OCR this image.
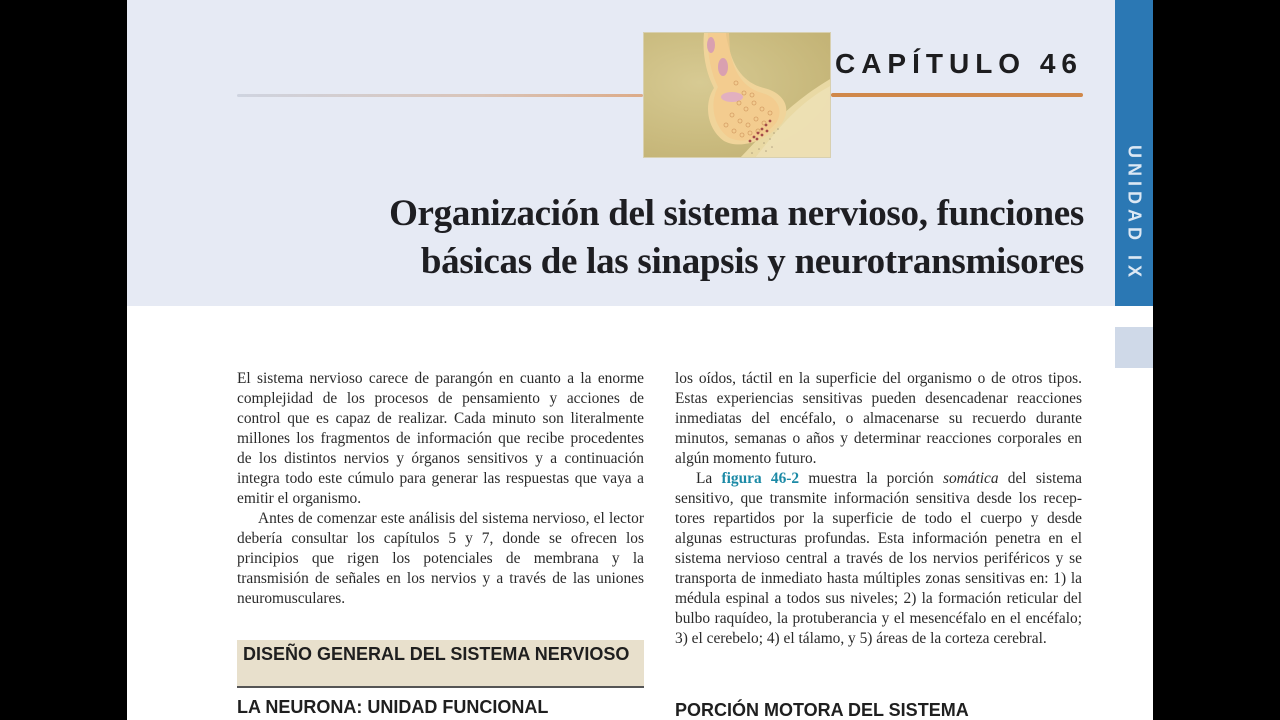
CAPÍTULO 46
Organización del sistema nervioso, funciones
básicas de las sinapsis y neurotransmisores	UNIDAD IX

El sistema nervioso carece de parangón en cuanto a la enorme complejidad de los procesos de pensamiento y acciones de control que es capaz de realizar. Cada minuto son literalmente millones los fragmentos de información que recibe procedentes de los distintos nervios y órganos sensitivos y a continuación integra todo este cúmulo para generar las respuestas que vaya a emitir el organismo.

Antes de comenzar este análisis del sistema nervioso, el lector debería consultar los capítulos 5 y 7, donde se ofrecen los principios que rigen los potenciales de membrana y la transmisión de señales en los nervios y a través de las uniones neuromusculares.

DISEÑO GENERAL DEL SISTEMA NERVIOSO
LA NEURONA: UNIDAD FUNCIONAL

los oídos, táctil en la superficie del organismo o de otros tipos. Estas experiencias sensitivas pueden desencadenar reacciones inmediatas del encéfalo, o almacenarse su recuerdo durante minutos, semanas o años y determinar reacciones corporales en algún momento futuro.

La figura 46-2 muestra la porción somática del sistema sensitivo, que transmite información sensitiva desde los receptores repartidos por la superficie de todo el cuerpo y desde algunas estructuras profundas. Esta información penetra en el sistema nervioso central a través de los nervios periféricos y se transporta de inmediato hasta múltiples zonas sensitivas en: 1) la médula espinal a todos sus niveles; 2) la formación reticular del bulbo raquídeo, la protuberancia y el mesencéfalo en el encéfalo; 3) el cerebelo; 4) el tálamo, y 5) áreas de la corteza cerebral.

PORCIÓN MOTORA DEL SISTEMA
